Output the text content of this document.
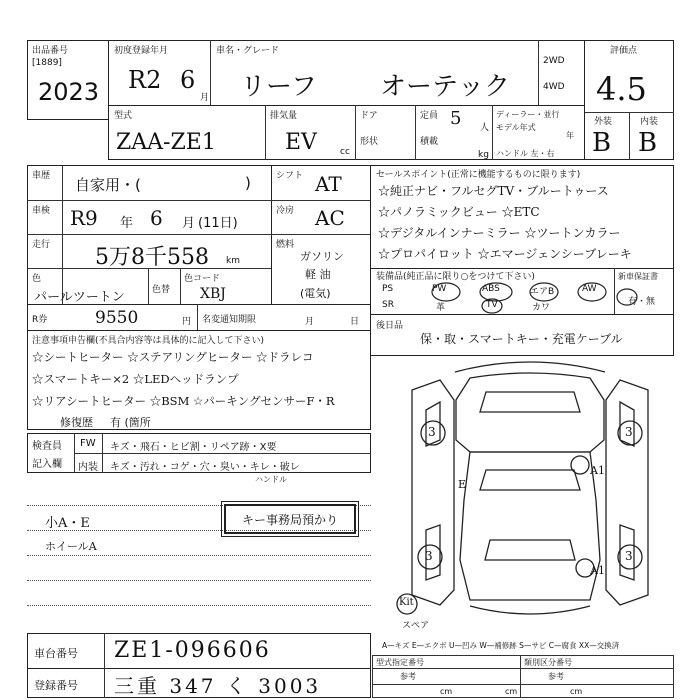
出品番号
[1889]
2023
初度登録年月
R2 6
月
車名・グレード
リーフ オーテック
2WD
4WD
評価点
4.5
外装	内装
B B
型式
ZAA-ZE1
排気量
EV	cc
ドア
形状
定員 5 人
積載
kg
ディーラー・並行
モデル年式
年
ハンドル 左・右
車歴 自家用・(	)
車検 R9 年 6 月 (11日)
走行 5万8千558 km
色
パールツートン	色替
色コード
XBJ
シフト AT
冷房 AC
燃料
ガソリン
軽 油
(電気)
セールスポイント(正常に機能するものに限ります)
☆純正ナビ・フルセグTV・ブルートゥース
☆パノラミックビュー ☆ETC
☆デジタルインナーミラー ☆ツートンカラー
☆プロパイロット ☆エマージェンシーブレーキ
装備品(純正品に限り○をつけて下さい)	新車保証書
有・無
PS	PW	ABS	エアB	AW
SR	革	TV	カワ
R券	9550	円 名変通知期限	月	日 後日品
保・取・スマートキー・充電ケーブル
注意事項申告欄(不具合内容等は具体的に記入して下さい)
☆シートヒーター ☆ステアリングヒーター ☆ドラレコ
☆スマートキー×2 ☆LEDヘッドランプ
☆リアシートヒーター ☆BSM ☆パーキングセンサーF・R
修復歴 有 (箇所
検査員
記入欄
FW キズ・飛石・ヒビ割・リペア跡・X要
内装 キズ・汚れ・コゲ・穴・臭い・キレ・破レ
ハンドル
小A・E
ホイールA
キー事務局預かり
3	3
3	3
E
A1
A1
Kit
スペア
A—キズ E—エクボ U—凹み W—補修跡 S—サビ C—腐食 XX—交換済
車台番号 ZE1-096606
登録番号 三重 347 く 3003
型式指定番号	類別区分番号
参考	参考
cm	cm	cm
